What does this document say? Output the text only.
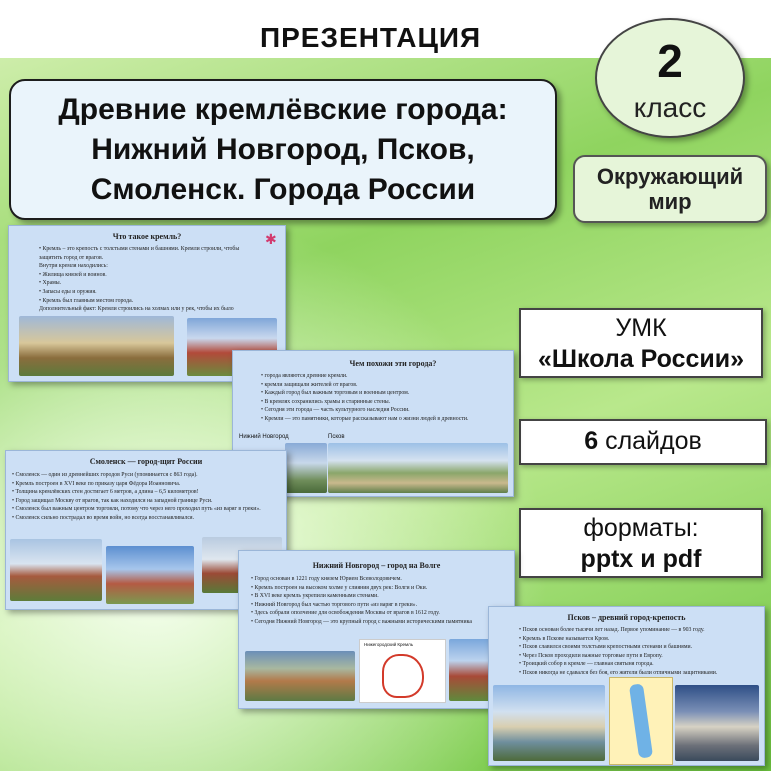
ПРЕЗЕНТАЦИЯ
Древние кремлёвские города:
Нижний Новгород, Псков,
Смоленск. Города России
2
класс
Окружающий
мир
УМК
«Школа России»
6 слайдов
форматы:
pptx и pdf
Что такое кремль?
• Кремль – это крепость с толстыми стенами и башнями. Кремли строили, чтобы защитить город от врагов.
Внутри кремля находились:
• Жилища князей и воинов.
• Храмы.
• Запасы еды и оружия.
• Кремль был главным местом города.
Дополнительный факт: Кремли строились на холмах или у рек, чтобы их было
✱
Чем похожи эти города?
• города являются древние кремли.
• кремли защищали жителей от врагов.
• Каждый город был важным торговым и военным центром.
• В кремлях сохранились храмы и старинные стены.
• Сегодня эти города — часть культурного наследия России.
• Кремли — это памятники, которые рассказывают нам о жизни людей в древности.
Нижний Новгород	Псков
Смоленск — город-щит России
• Смоленск — один из древнейших городов Руси (упоминается с 863 года).
• Кремль построен в XVI веке по приказу царя Фёдора Иоанновича.
• Толщина кремлёвских стен достигает 6 метров, а длина – 6,5 километров!
• Город защищал Москву от врагов, так как находился на западной границе Руси.
• Смоленск был важным центром торговли, потому что через него проходил путь «из варяг в греки».
• Смоленск сильно пострадал во время войн, но всегда восстанавливался.
Нижний Новгород – город на Волге
• Город основан в 1221 году князем Юрием Всеволодовичем.
• Кремль построен на высоком холме у слияния двух рек: Волги и Оки.
• В XVI веке кремль укрепили каменными стенами.
• Нижний Новгород был частью торгового пути «из варяг в греки».
• Здесь собрали ополчение для освобождения Москвы от врагов в 1612 году.
• Сегодня Нижний Новгород — это крупный город с важными историческими памятника
Нижегородский Кремль
Псков – древний город-крепость
• Псков основан более тысячи лет назад. Первое упоминание — в 903 году.
• Кремль в Пскове называется Кром.
• Псков славился своими толстыми крепостными стенами и башнями.
• Через Псков проходили важные торговые пути в Европу.
• Троицкий собор в кремле — главная святыня города.
• Псков никогда не сдавался без боя, его жители были отличными защитниками.
